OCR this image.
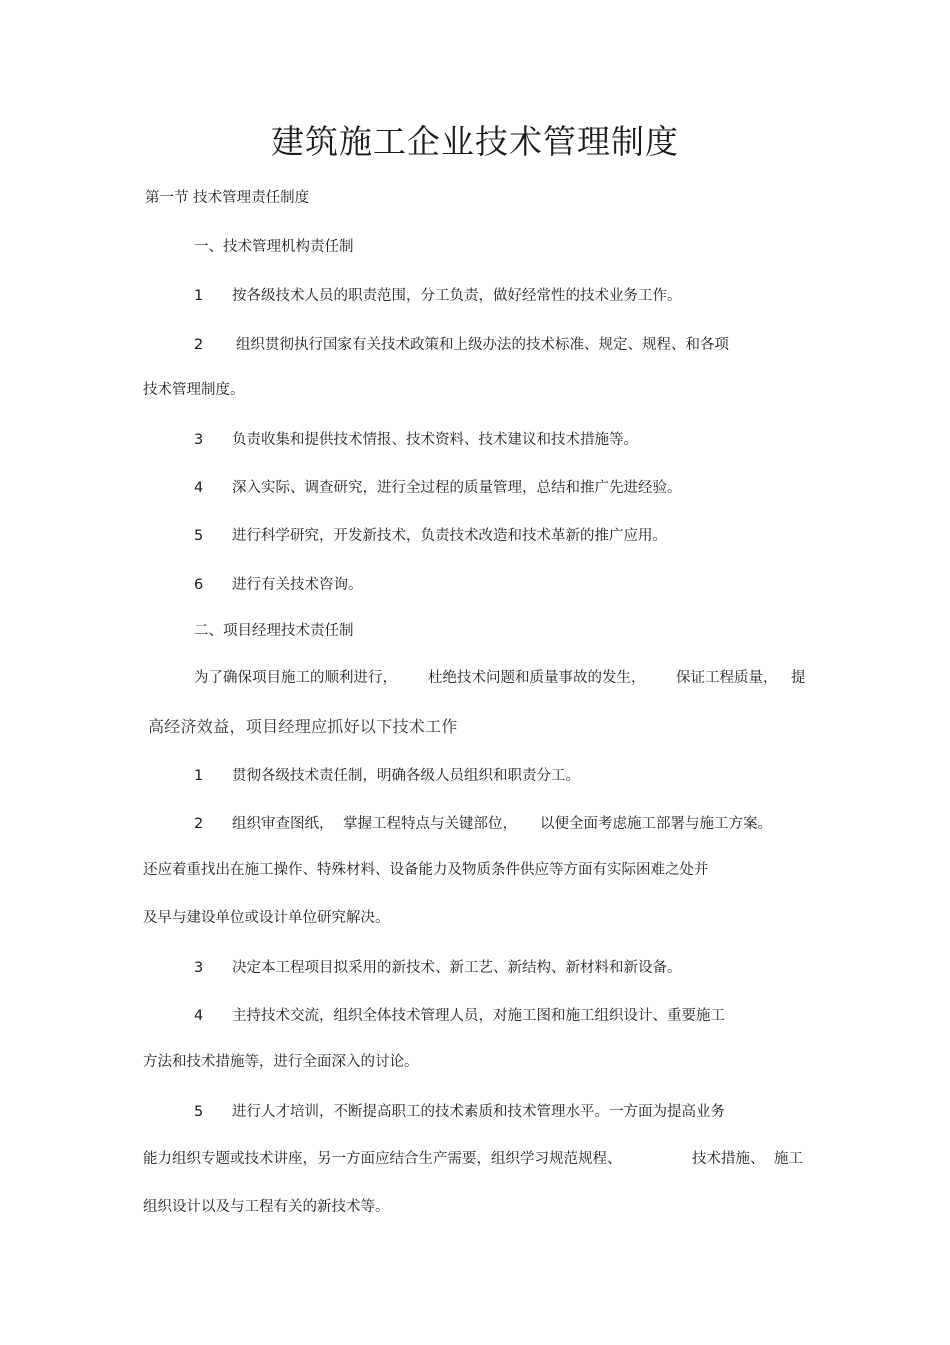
建筑施工企业技术管理制度
第一节 技术管理责任制度
一、技术管理机构责任制
1 按各级技术人员的职责范围，分工负责，做好经常性的技术业务工作。
2 组织贯彻执行国家有关技术政策和上级办法的技术标准、规定、规程、和各项
技术管理制度。
3 负责收集和提供技术情报、技术资料、技术建议和技术措施等。
4 深入实际、调查研究，进行全过程的质量管理，总结和推广先进经验。
5 进行科学研究，开发新技术，负责技术改造和技术革新的推广应用。
6 进行有关技术咨询。
二、项目经理技术责任制
为了确保项目施工的顺利进行， 杜绝技术问题和质量事故的发生， 保证工程质量， 提
高经济效益，项目经理应抓好以下技术工作
1 贯彻各级技术责任制，明确各级人员组织和职责分工。
2 组织审查图纸， 掌握工程特点与关键部位， 以便全面考虑施工部署与施工方案。
还应着重找出在施工操作、特殊材料、设备能力及物质条件供应等方面有实际困难之处并
及早与建设单位或设计单位研究解决。
3 决定本工程项目拟采用的新技术、新工艺、新结构、新材料和新设备。
4 主持技术交流，组织全体技术管理人员，对施工图和施工组织设计、重要施工
方法和技术措施等，进行全面深入的讨论。
5 进行人才培训，不断提高职工的技术素质和技术管理水平。一方面为提高业务
能力组织专题或技术讲座，另一方面应结合生产需要，组织学习规范规程、	技术措施、 施工
组织设计以及与工程有关的新技术等。
